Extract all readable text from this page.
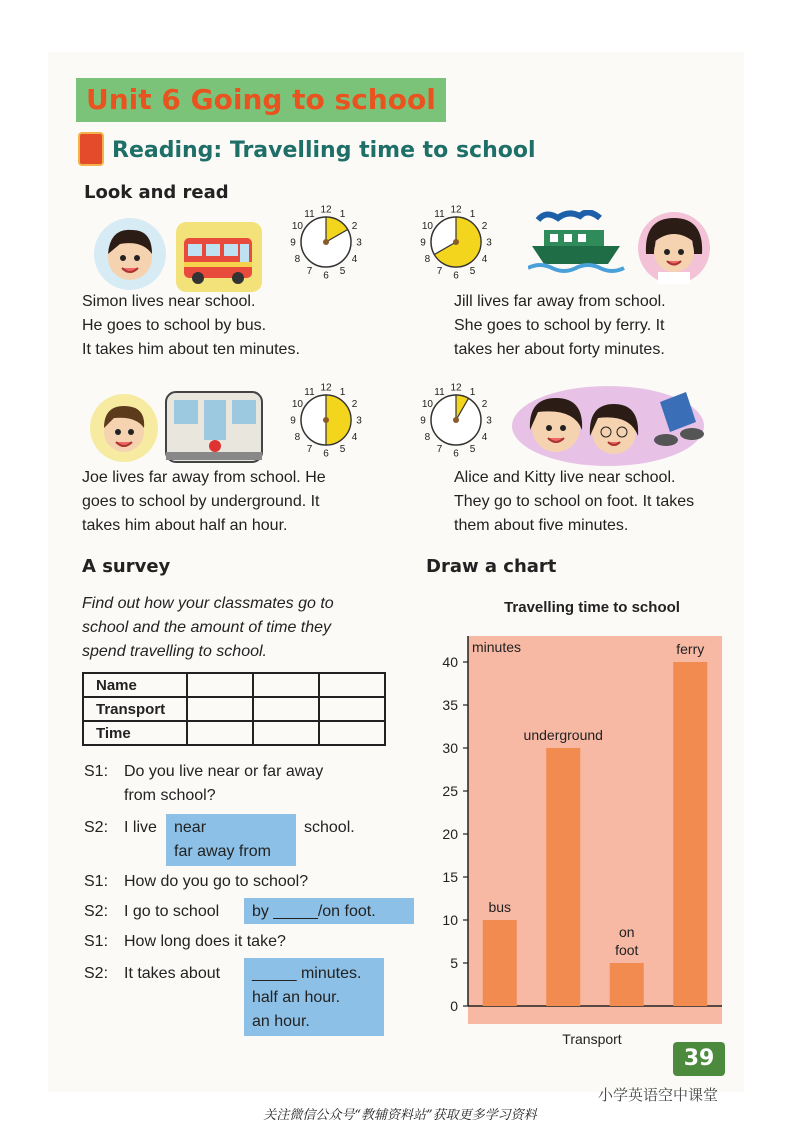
Unit 6 Going to school
Reading: Travelling time to school
Look and read
12 1
2
3
4
5
6
7
8
9
10
11
Simon lives near school.
He goes to school by bus.
It takes him about ten minutes.
12 1
2
3
4
5
6
7
8
9
10
11
Jill lives far away from school.
She goes to school by ferry. It
takes her about forty minutes.
12 1
2
3
4
5
6
7
8
9
10
11
Joe lives far away from school. He
goes to school by underground. It
takes him about half an hour.
12 1
2
3
4
5
6
7
8
9
10
11
Alice and Kitty live near school.
They go to school on foot. It takes
them about five minutes.
A survey
Find out how your classmates go to
school and the amount of time they
spend travelling to school.
Name			
Transport			
Time			
S1: Do you live near or far away
from school?
S2: I live near
far away from
school.
S1: How do you go to school?
S2: I go to school by _____/on foot.
S1: How long does it take?
S2: It takes about _____ minutes.
half an hour.
an hour.
Draw a chart
Travelling time to school
0
5
10
15
20
25
30
35
40
minutes
Transport
bus
underground
on
foot
ferry
39
小学英语空中课堂
关注微信公众号“教辅资料站”获取更多学习资料
